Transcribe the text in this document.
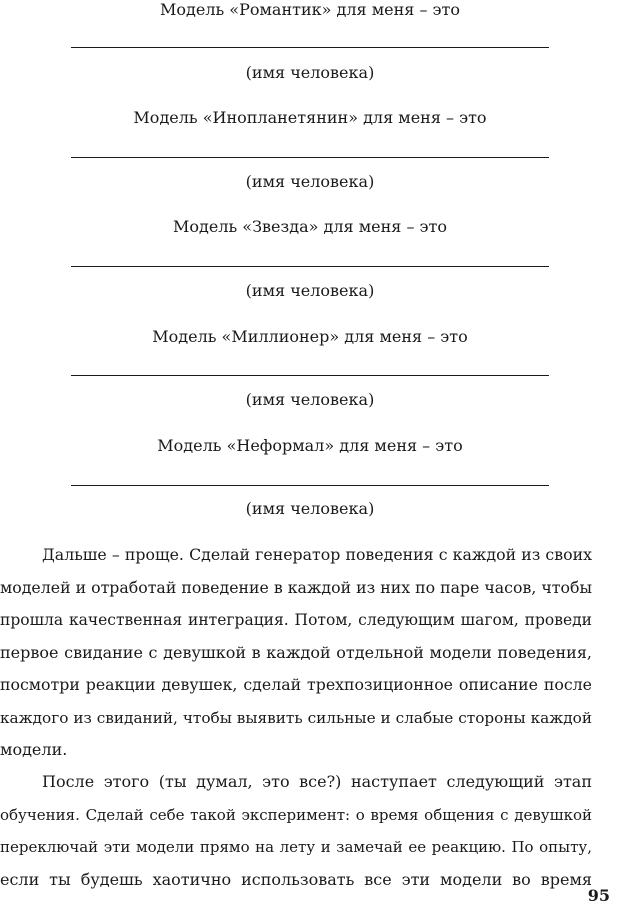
Модель «Романтик» для меня – это
(имя человека)
Модель «Инопланетянин» для меня – это
(имя человека)
Модель «Звезда» для меня – это
(имя человека)
Модель «Миллионер» для меня – это
(имя человека)
Модель «Неформал» для меня – это
(имя человека)
Дальше – проще. Сделай генератор поведения с каждой из своих
моделей и отработай поведение в каждой из них по паре часов, чтобы
прошла качественная интеграция. Потом, следующим шагом, проведи
первое свидание с девушкой в каждой отдельной модели поведения,
посмотри реакции девушек, сделай трехпозиционное описание после
каждого из свиданий, чтобы выявить сильные и слабые стороны каждой
модели.
После этого (ты думал, это все?) наступает следующий этап
обучения. Сделай себе такой эксперимент: о время общения с девушкой
переключай эти модели прямо на лету и замечай ее реакцию. По опыту,
если ты будешь хаотично использовать все эти модели во время
95
